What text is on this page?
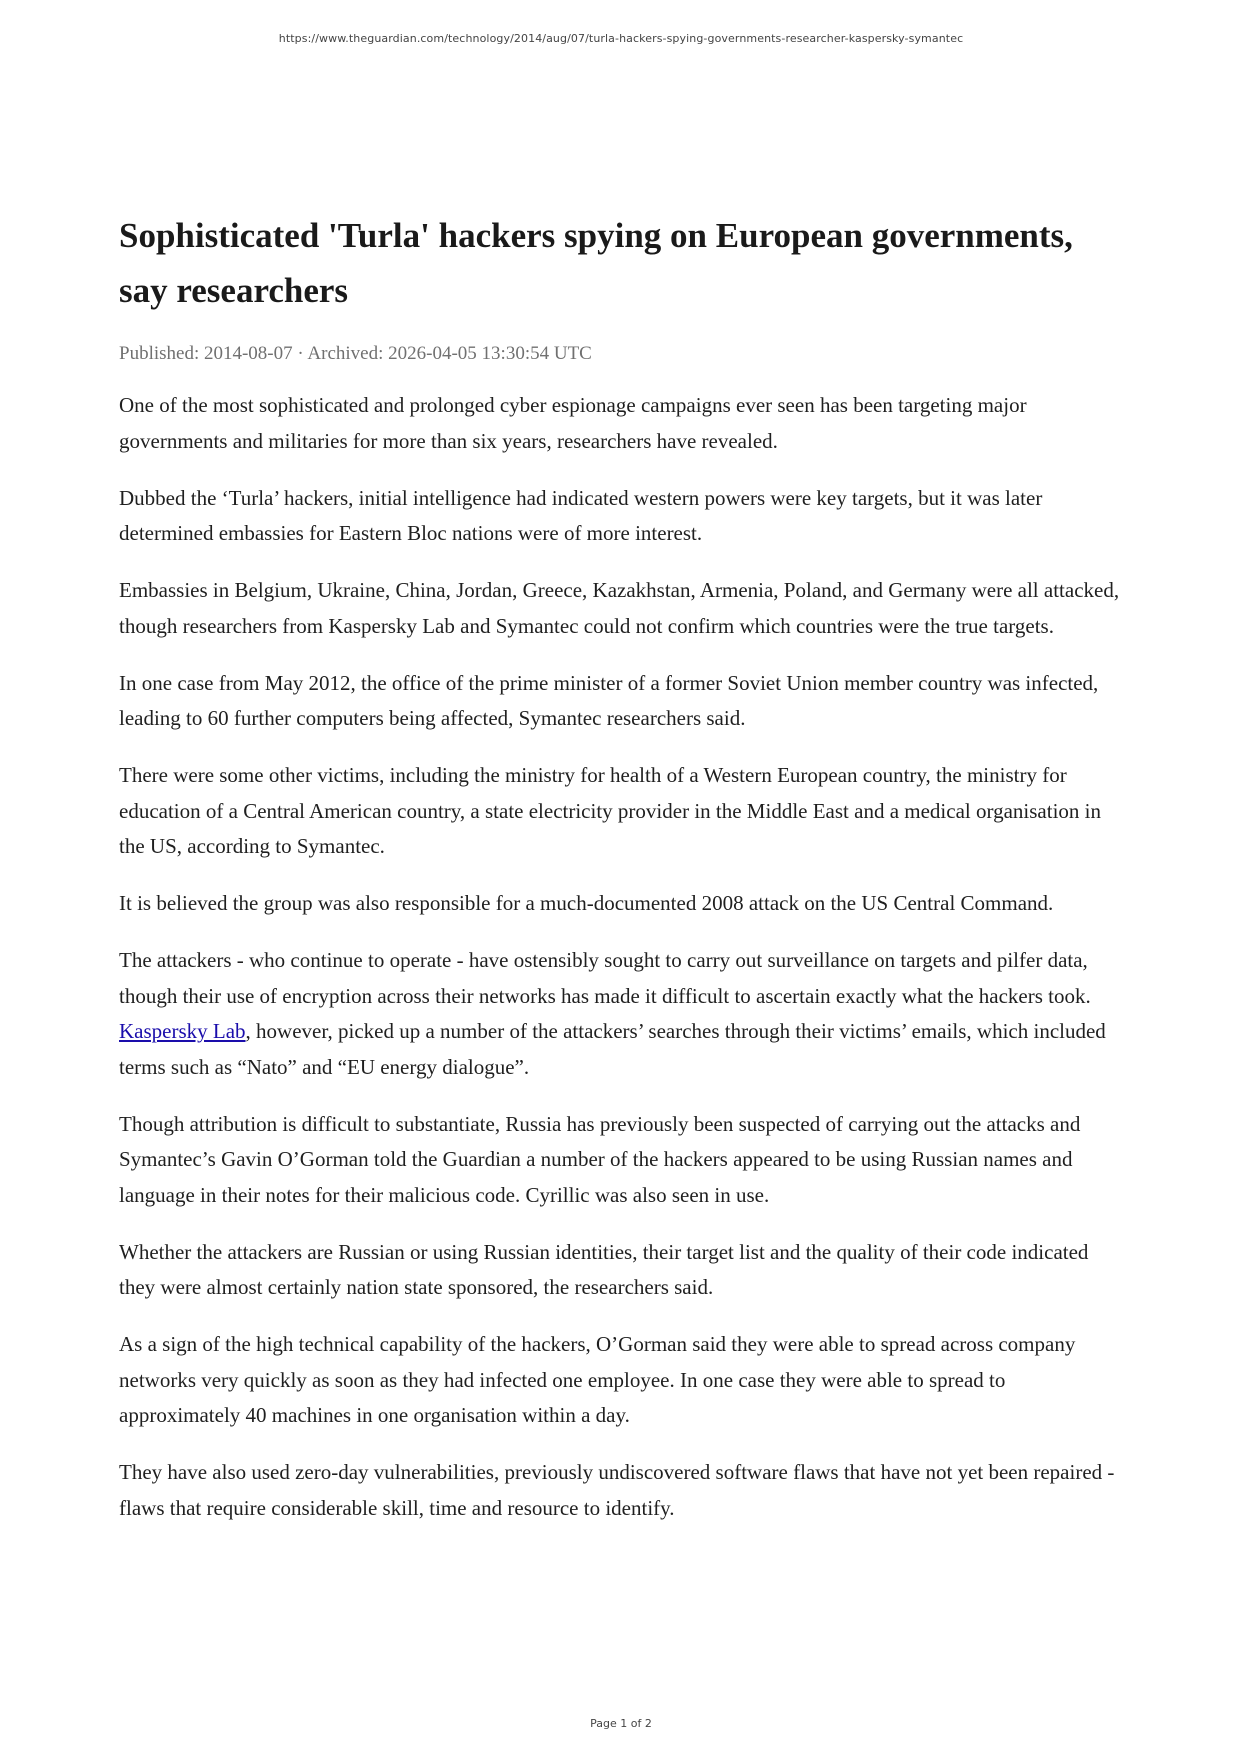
https://www.theguardian.com/technology/2014/aug/07/turla-hackers-spying-governments-researcher-kaspersky-symantec
Sophisticated 'Turla' hackers spying on European governments, say researchers
Published: 2014-08-07 · Archived: 2026-04-05 13:30:54 UTC

One of the most sophisticated and prolonged cyber espionage campaigns ever seen has been targeting major governments and militaries for more than six years, researchers have revealed.

Dubbed the ‘Turla’ hackers, initial intelligence had indicated western powers were key targets, but it was later determined embassies for Eastern Bloc nations were of more interest.

Embassies in Belgium, Ukraine, China, Jordan, Greece, Kazakhstan, Armenia, Poland, and Germany were all attacked, though researchers from Kaspersky Lab and Symantec could not confirm which countries were the true targets.

In one case from May 2012, the office of the prime minister of a former Soviet Union member country was infected, leading to 60 further computers being affected, Symantec researchers said.

There were some other victims, including the ministry for health of a Western European country, the ministry for education of a Central American country, a state electricity provider in the Middle East and a medical organisation in the US, according to Symantec.

It is believed the group was also responsible for a much-documented 2008 attack on the US Central Command.

The attackers - who continue to operate - have ostensibly sought to carry out surveillance on targets and pilfer data, though their use of encryption across their networks has made it difficult to ascertain exactly what the hackers took. Kaspersky Lab, however, picked up a number of the attackers’ searches through their victims’ emails, which included terms such as “Nato” and “EU energy dialogue”.

Though attribution is difficult to substantiate, Russia has previously been suspected of carrying out the attacks and Symantec’s Gavin O’Gorman told the Guardian a number of the hackers appeared to be using Russian names and language in their notes for their malicious code. Cyrillic was also seen in use.

Whether the attackers are Russian or using Russian identities, their target list and the quality of their code indicated they were almost certainly nation state sponsored, the researchers said.

As a sign of the high technical capability of the hackers, O’Gorman said they were able to spread across company networks very quickly as soon as they had infected one employee. In one case they were able to spread to approximately 40 machines in one organisation within a day.

They have also used zero-day vulnerabilities, previously undiscovered software flaws that have not yet been repaired - flaws that require considerable skill, time and resource to identify.

Page 1 of 2
